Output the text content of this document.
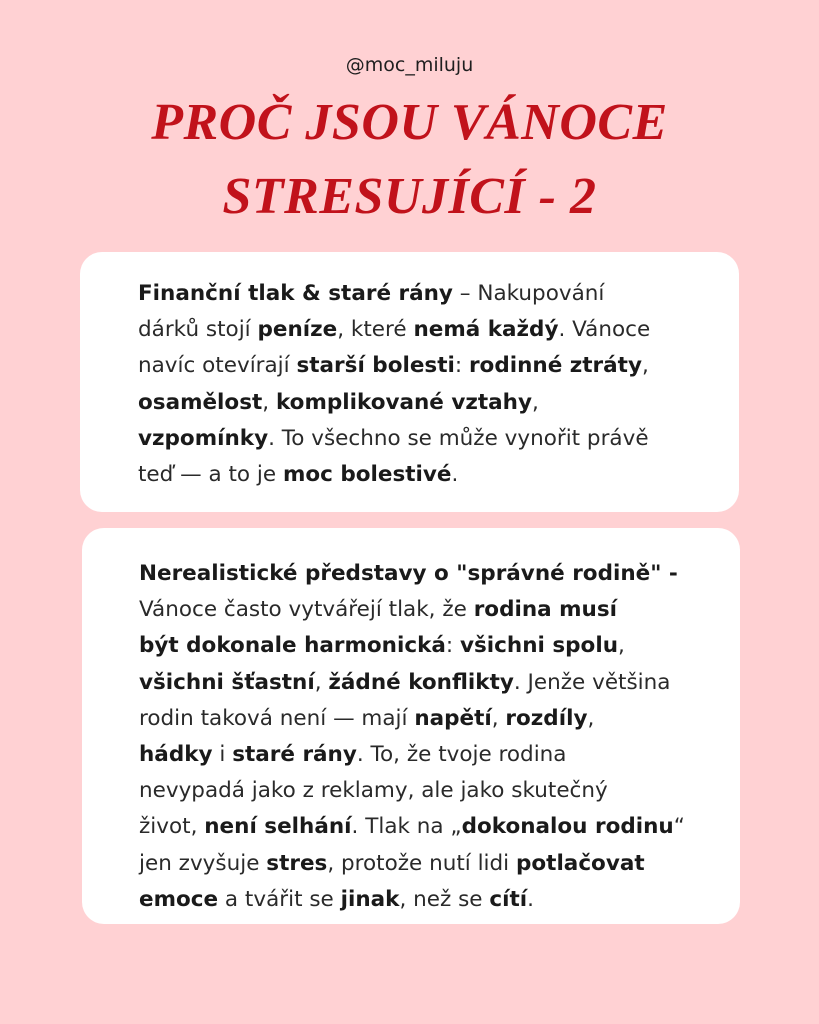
@moc_miluju
PROČ JSOU VÁNOCE
STRESUJÍCÍ - 2

Finanční tlak & staré rány – Nakupování
dárků stojí peníze, které nemá každý. Vánoce
navíc otevírají starší bolesti: rodinné ztráty,
osamělost, komplikované vztahy,
vzpomínky. To všechno se může vynořit právě
teď — a to je moc bolestivé.

Nerealistické představy o "správné rodině" -
Vánoce často vytvářejí tlak, že rodina musí
být dokonale harmonická: všichni spolu,
všichni šťastní, žádné konflikty. Jenže většina
rodin taková není — mají napětí, rozdíly,
hádky i staré rány. To, že tvoje rodina
nevypadá jako z reklamy, ale jako skutečný
život, není selhání. Tlak na „dokonalou rodinu“
jen zvyšuje stres, protože nutí lidi potlačovat
emoce a tvářit se jinak, než se cítí.
